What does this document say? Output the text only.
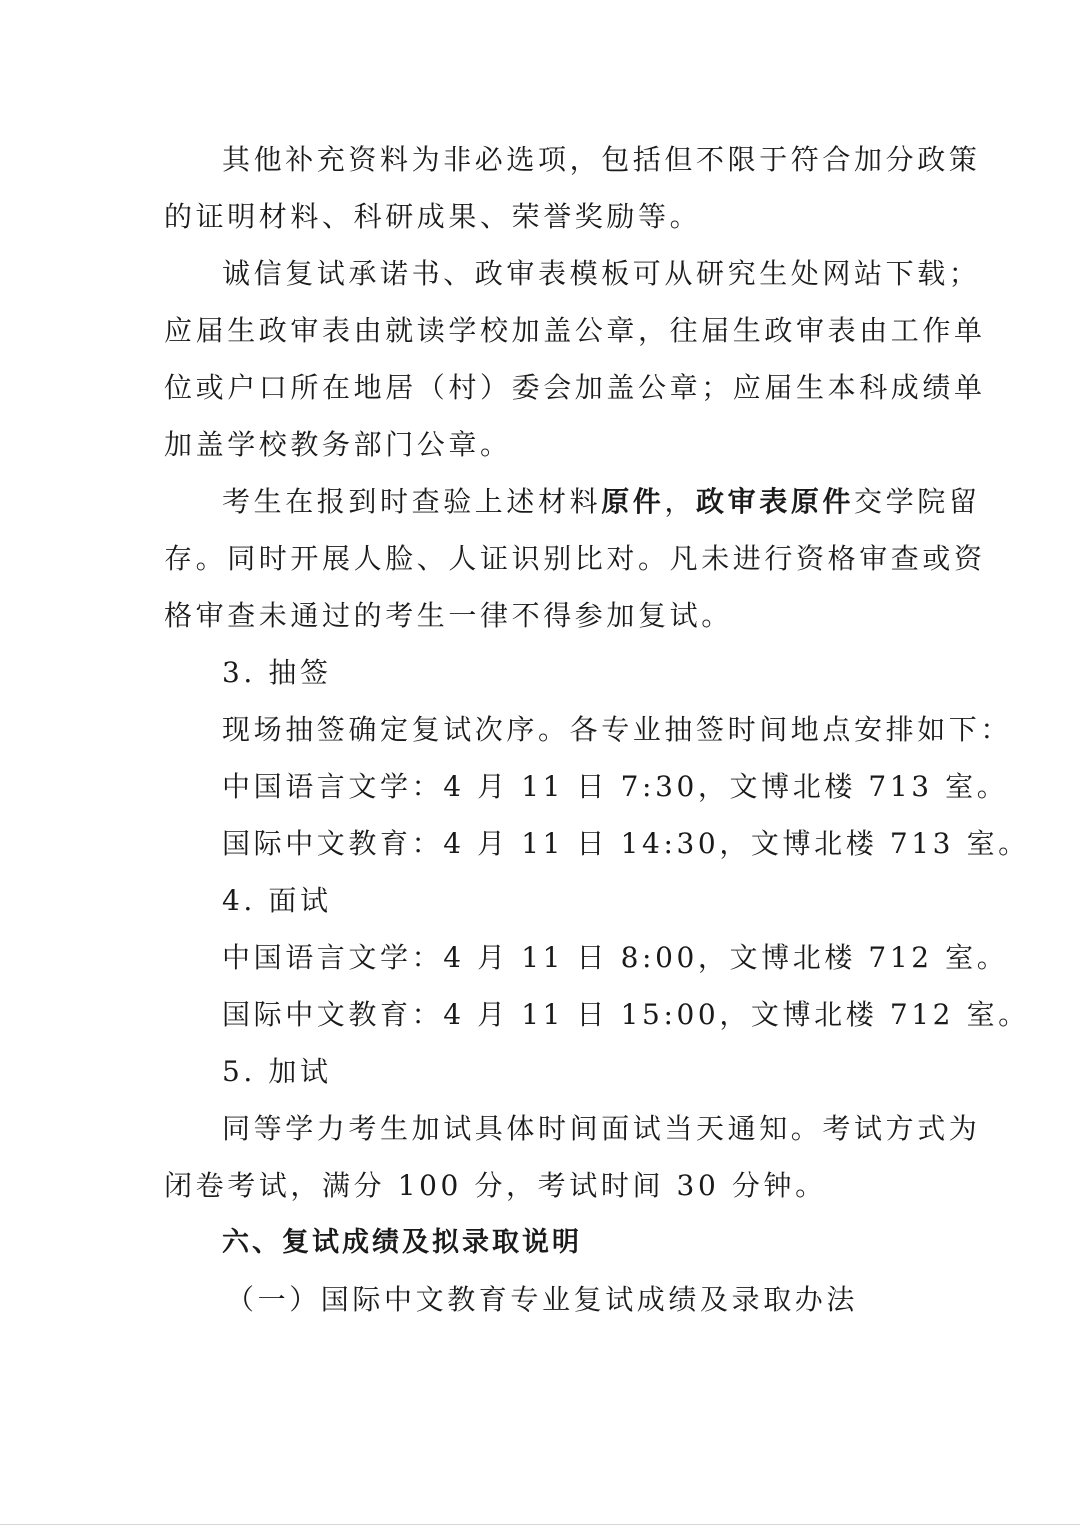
其他补充资料为非必选项，包括但不限于符合加分政策
的证明材料、科研成果、荣誉奖励等。
诚信复试承诺书、政审表模板可从研究生处网站下载；
应届生政审表由就读学校加盖公章，往届生政审表由工作单
位或户口所在地居（村）委会加盖公章；应届生本科成绩单
加盖学校教务部门公章。
考生在报到时查验上述材料原件，政审表原件交学院留
存。同时开展人脸、人证识别比对。凡未进行资格审查或资
格审查未通过的考生一律不得参加复试。
3. 抽签
现场抽签确定复试次序。各专业抽签时间地点安排如下：
中国语言文学：4 月 11 日 7:30，文博北楼 713 室。
国际中文教育：4 月 11 日 14:30，文博北楼 713 室。
4. 面试
中国语言文学：4 月 11 日 8:00，文博北楼 712 室。
国际中文教育：4 月 11 日 15:00，文博北楼 712 室。
5. 加试
同等学力考生加试具体时间面试当天通知。考试方式为
闭卷考试，满分 100 分，考试时间 30 分钟。
六、复试成绩及拟录取说明
（一）国际中文教育专业复试成绩及录取办法
